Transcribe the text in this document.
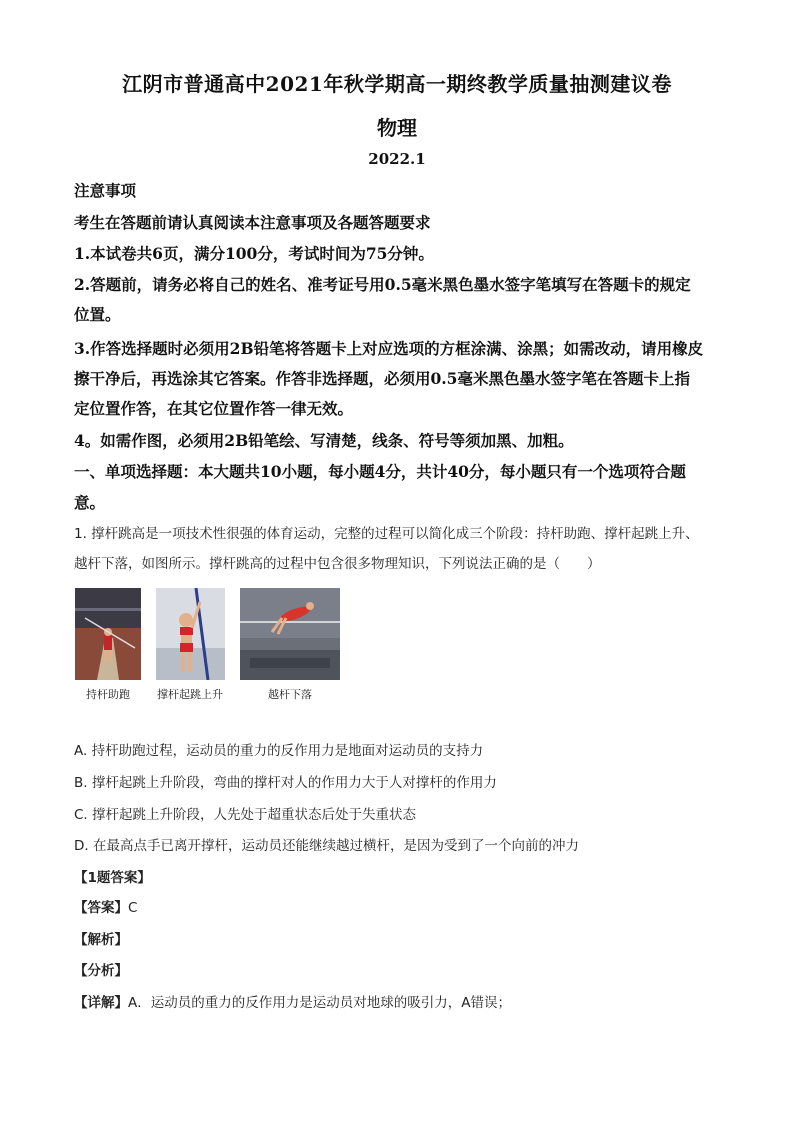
江阴市普通高中2021年秋学期高一期终教学质量抽测建议卷
物理
2022.1
注意事项
考生在答题前请认真阅读本注意事项及各题答题要求
1.本试卷共6页，满分100分，考试时间为75分钟。
2.答题前，请务必将自己的姓名、准考证号用0.5毫米黑色墨水签字笔填写在答题卡的规定
位置。
3.作答选择题时必须用2B铅笔将答题卡上对应选项的方框涂满、涂黑；如需改动，请用橡皮
擦干净后，再选涂其它答案。作答非选择题，必须用0.5毫米黑色墨水签字笔在答题卡上指
定位置作答，在其它位置作答一律无效。
4。如需作图，必须用2B铅笔绘、写清楚，线条、符号等须加黑、加粗。
一、单项选择题：本大题共10小题，每小题4分，共计40分，每小题只有一个选项符合题
意。
1. 撑杆跳高是一项技术性很强的体育运动，完整的过程可以简化成三个阶段：持杆助跑、撑杆起跳上升、
越杆下落，如图所示。撑杆跳高的过程中包含很多物理知识，下列说法正确的是（　　）
持杆助跑	撑杆起跳上升	越杆下落
A. 持杆助跑过程，运动员的重力的反作用力是地面对运动员的支持力
B. 撑杆起跳上升阶段，弯曲的撑杆对人的作用力大于人对撑杆的作用力
C. 撑杆起跳上升阶段，人先处于超重状态后处于失重状态
D. 在最高点手已离开撑杆，运动员还能继续越过横杆，是因为受到了一个向前的冲力
【1题答案】
【答案】C
【解析】
【分析】
【详解】A．运动员的重力的反作用力是运动员对地球的吸引力，A错误；
